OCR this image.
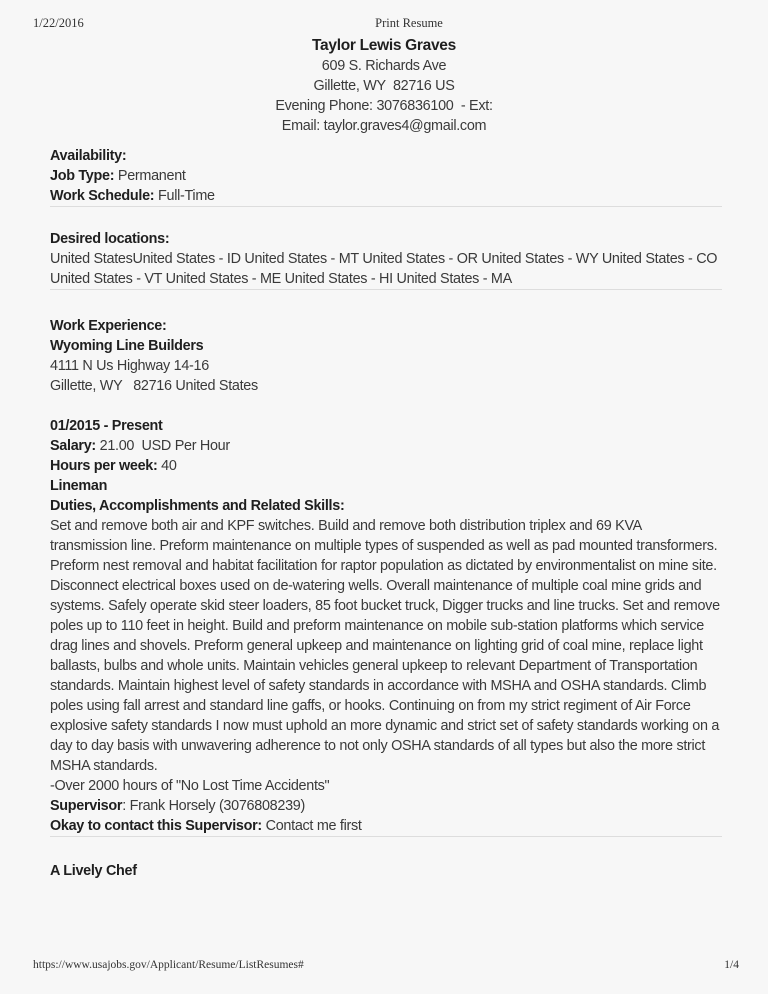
1/22/2016	Print Resume
Taylor Lewis Graves
609 S. Richards Ave
Gillette, WY  82716 US
Evening Phone: 3076836100  - Ext:
Email: taylor.graves4@gmail.com
Availability:
Job Type: Permanent
Work Schedule: Full-Time
Desired locations:
United StatesUnited States - ID United States - MT United States - OR United States - WY United States - CO United States - VT United States - ME United States - HI United States - MA
Work Experience:
Wyoming Line Builders
4111 N Us Highway 14-16
Gillette, WY   82716 United States
01/2015 - Present
Salary: 21.00  USD Per Hour
Hours per week: 40
Lineman
Duties, Accomplishments and Related Skills:
Set and remove both air and KPF switches. Build and remove both distribution triplex and 69 KVA transmission line. Preform maintenance on multiple types of suspended as well as pad mounted transformers. Preform nest removal and habitat facilitation for raptor population as dictated by environmentalist on mine site. Disconnect electrical boxes used on de-watering wells. Overall maintenance of multiple coal mine grids and systems. Safely operate skid steer loaders, 85 foot bucket truck, Digger trucks and line trucks. Set and remove poles up to 110 feet in height. Build and preform maintenance on mobile sub-station platforms which service drag lines and shovels. Preform general upkeep and maintenance on lighting grid of coal mine, replace light ballasts, bulbs and whole units. Maintain vehicles general upkeep to relevant Department of Transportation standards. Maintain highest level of safety standards in accordance with MSHA and OSHA standards. Climb poles using fall arrest and standard line gaffs, or hooks. Continuing on from my strict regiment of Air Force explosive safety standards I now must uphold an more dynamic and strict set of safety standards working on a day to day basis with unwavering adherence to not only OSHA standards of all types but also the more strict MSHA standards.
-Over 2000 hours of "No Lost Time Accidents"
Supervisor: Frank Horsely (3076808239)
Okay to contact this Supervisor: Contact me first
A Lively Chef
https://www.usajobs.gov/Applicant/Resume/ListResumes#	1/4
